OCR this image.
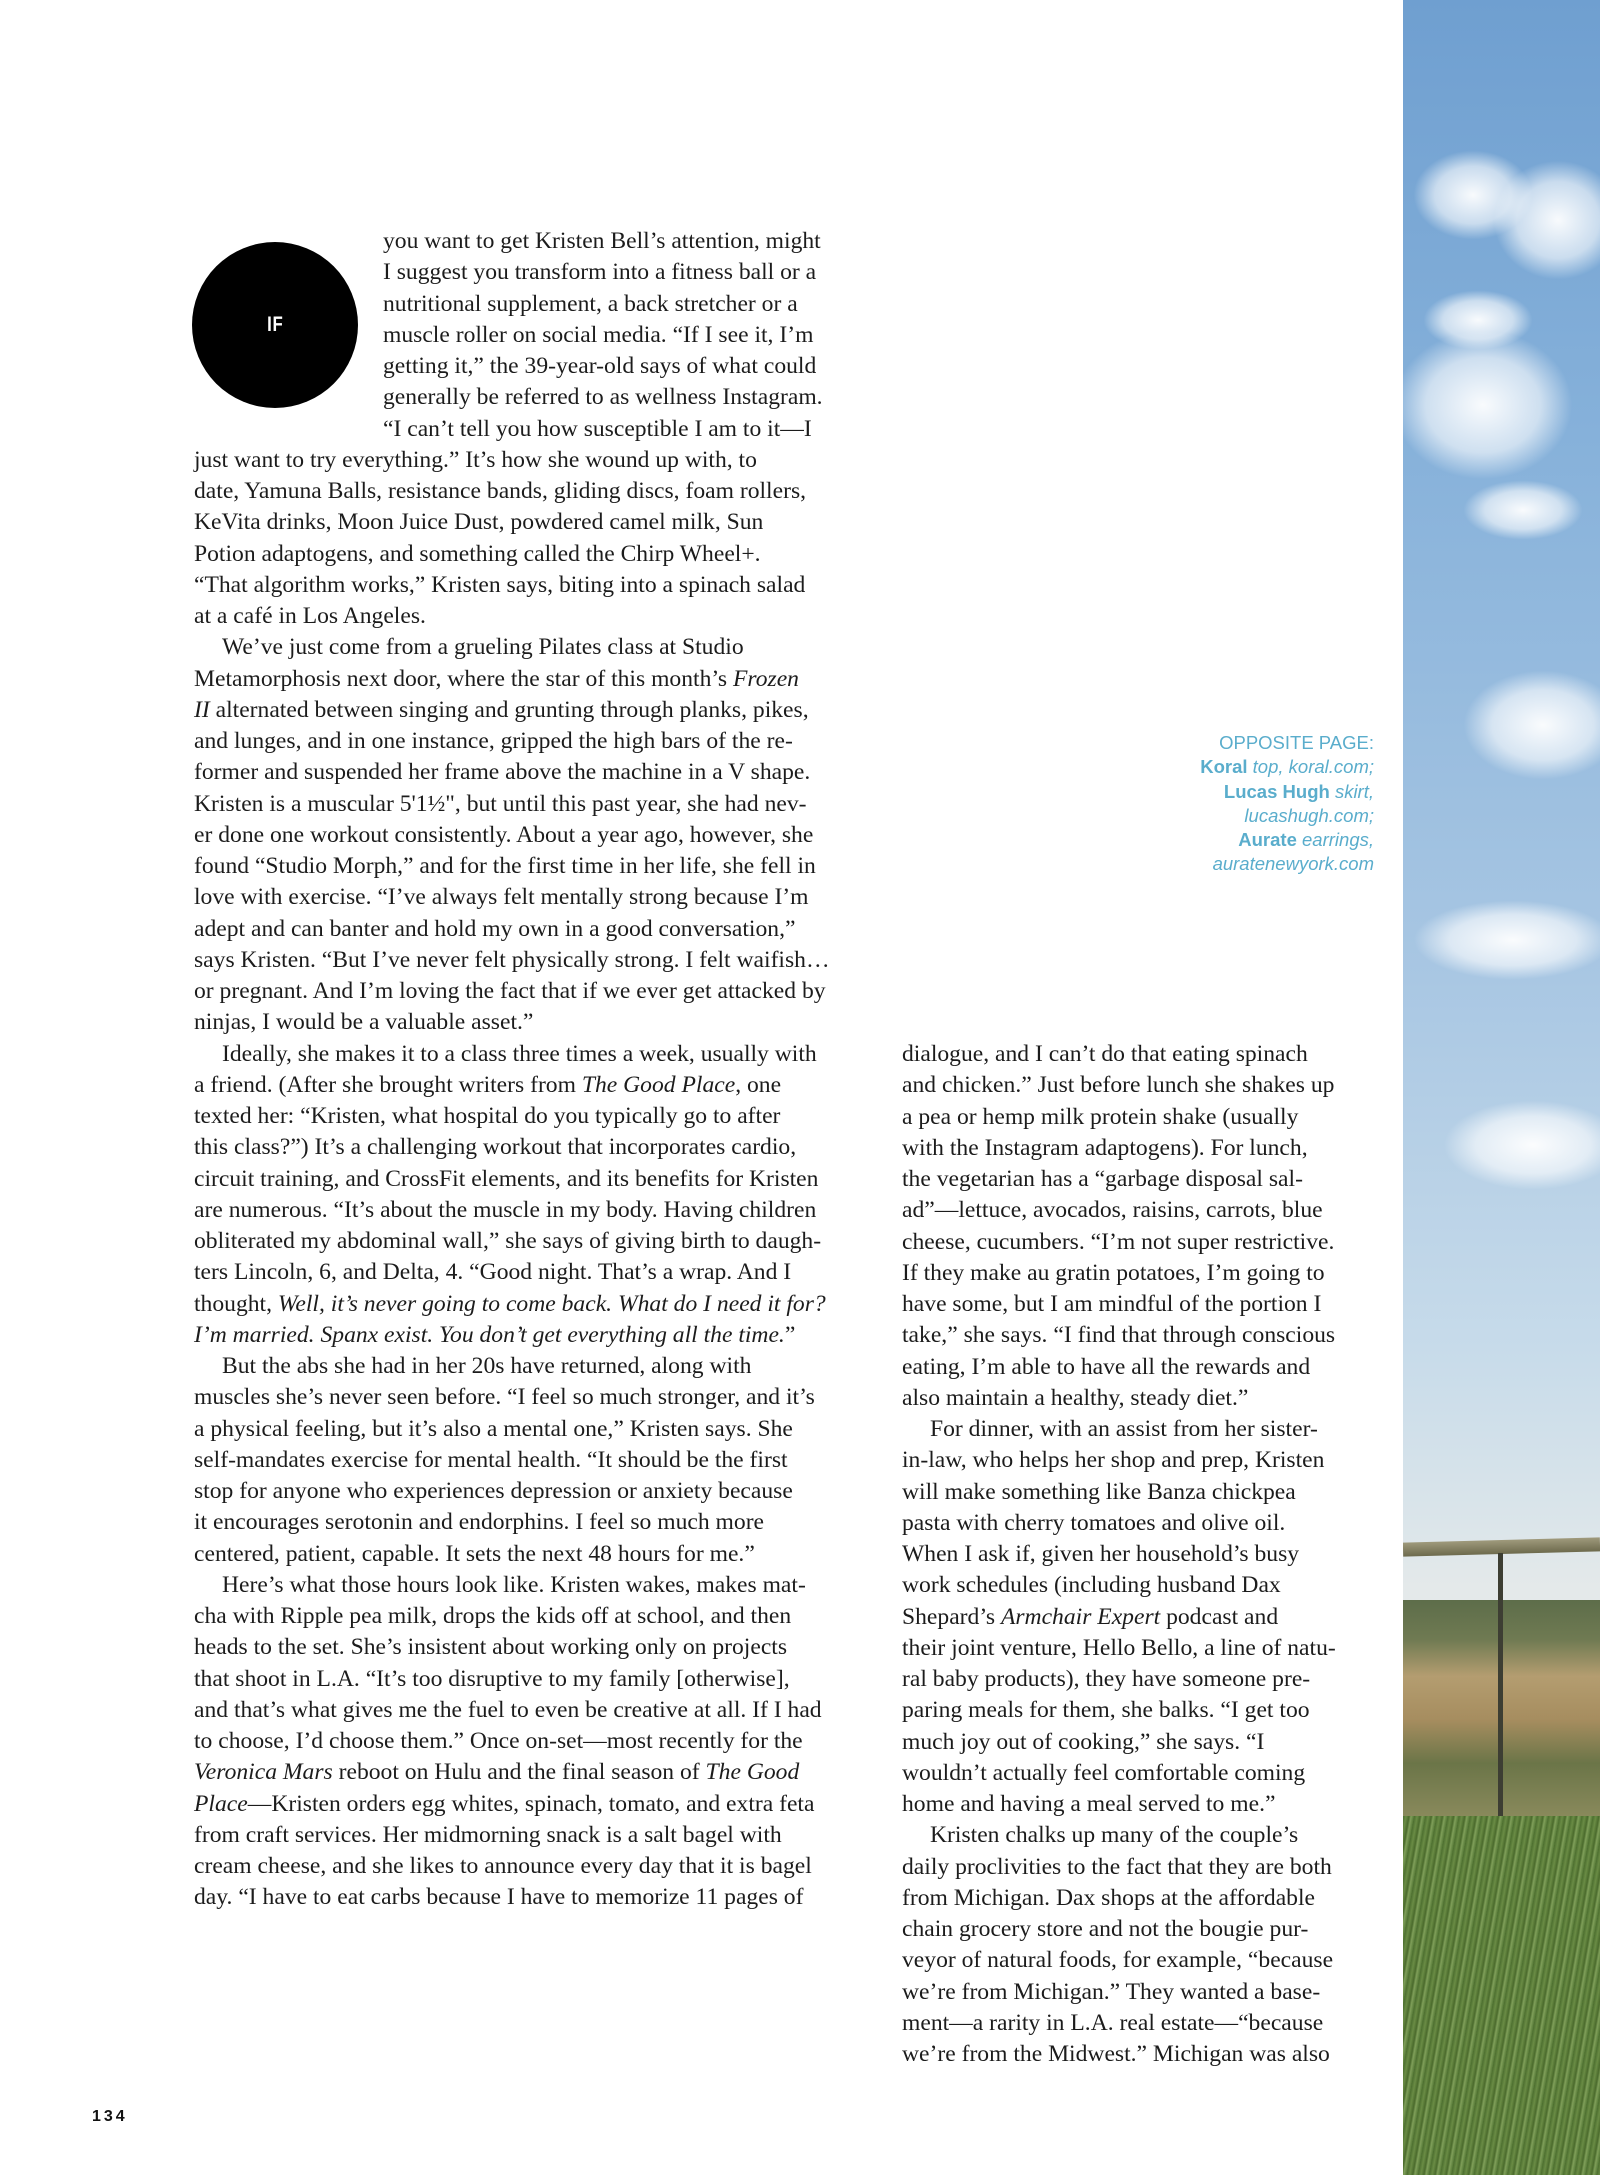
IF
you want to get Kristen Bell’s attention, might
I suggest you transform into a fitness ball or a
nutritional supplement, a back stretcher or a
muscle roller on social media. “If I see it, I’m
getting it,” the 39-year-old says of what could
generally be referred to as wellness Instagram.
“I can’t tell you how susceptible I am to it—I
just want to try everything.” It’s how she wound up with, to
date, Yamuna Balls, resistance bands, gliding discs, foam rollers,
KeVita drinks, Moon Juice Dust, powdered camel milk, Sun
Potion adaptogens, and something called the Chirp Wheel+.
“That algorithm works,” Kristen says, biting into a spinach salad
at a café in Los Angeles.
We’ve just come from a grueling Pilates class at Studio
Metamorphosis next door, where the star of this month’s Frozen
II alternated between singing and grunting through planks, pikes,
and lunges, and in one instance, gripped the high bars of the re-
former and suspended her frame above the machine in a V shape.
Kristen is a muscular 5'1½", but until this past year, she had nev-
er done one workout consistently. About a year ago, however, she
found “Studio Morph,” and for the first time in her life, she fell in
love with exercise. “I’ve always felt mentally strong because I’m
adept and can banter and hold my own in a good conversation,”
says Kristen. “But I’ve never felt physically strong. I felt waifish…
or pregnant. And I’m loving the fact that if we ever get attacked by
ninjas, I would be a valuable asset.”
Ideally, she makes it to a class three times a week, usually with
a friend. (After she brought writers from The Good Place, one
texted her: “Kristen, what hospital do you typically go to after
this class?”) It’s a challenging workout that incorporates cardio,
circuit training, and CrossFit elements, and its benefits for Kristen
are numerous. “It’s about the muscle in my body. Having children
obliterated my abdominal wall,” she says of giving birth to daugh-
ters Lincoln, 6, and Delta, 4. “Good night. That’s a wrap. And I
thought, Well, it’s never going to come back. What do I need it for?
I’m married. Spanx exist. You don’t get everything all the time.”
But the abs she had in her 20s have returned, along with
muscles she’s never seen before. “I feel so much stronger, and it’s
a physical feeling, but it’s also a mental one,” Kristen says. She
self-mandates exercise for mental health. “It should be the first
stop for anyone who experiences depression or anxiety because
it encourages serotonin and endorphins. I feel so much more
centered, patient, capable. It sets the next 48 hours for me.”
Here’s what those hours look like. Kristen wakes, makes mat-
cha with Ripple pea milk, drops the kids off at school, and then
heads to the set. She’s insistent about working only on projects
that shoot in L.A. “It’s too disruptive to my family [otherwise],
and that’s what gives me the fuel to even be creative at all. If I had
to choose, I’d choose them.” Once on-set—most recently for the
Veronica Mars reboot on Hulu and the final season of The Good
Place—Kristen orders egg whites, spinach, tomato, and extra feta
from craft services. Her midmorning snack is a salt bagel with
cream cheese, and she likes to announce every day that it is bagel
day. “I have to eat carbs because I have to memorize 11 pages of
dialogue, and I can’t do that eating spinach
and chicken.” Just before lunch she shakes up
a pea or hemp milk protein shake (usually
with the Instagram adaptogens). For lunch,
the vegetarian has a “garbage disposal sal-
ad”—lettuce, avocados, raisins, carrots, blue
cheese, cucumbers. “I’m not super restrictive.
If they make au gratin potatoes, I’m going to
have some, but I am mindful of the portion I
take,” she says. “I find that through conscious
eating, I’m able to have all the rewards and
also maintain a healthy, steady diet.”
For dinner, with an assist from her sister-
in-law, who helps her shop and prep, Kristen
will make something like Banza chickpea
pasta with cherry tomatoes and olive oil.
When I ask if, given her household’s busy
work schedules (including husband Dax
Shepard’s Armchair Expert podcast and
their joint venture, Hello Bello, a line of natu-
ral baby products), they have someone pre-
paring meals for them, she balks. “I get too
much joy out of cooking,” she says. “I
wouldn’t actually feel comfortable coming
home and having a meal served to me.”
Kristen chalks up many of the couple’s
daily proclivities to the fact that they are both
from Michigan. Dax shops at the affordable
chain grocery store and not the bougie pur-
veyor of natural foods, for example, “because
we’re from Michigan.” They wanted a base-
ment—a rarity in L.A. real estate—“because
we’re from the Midwest.” Michigan was also
OPPOSITE PAGE:
Koral top, koral.com;
Lucas Hugh skirt,
lucashugh.com;
Aurate earrings,
auratenewyork.com
134
